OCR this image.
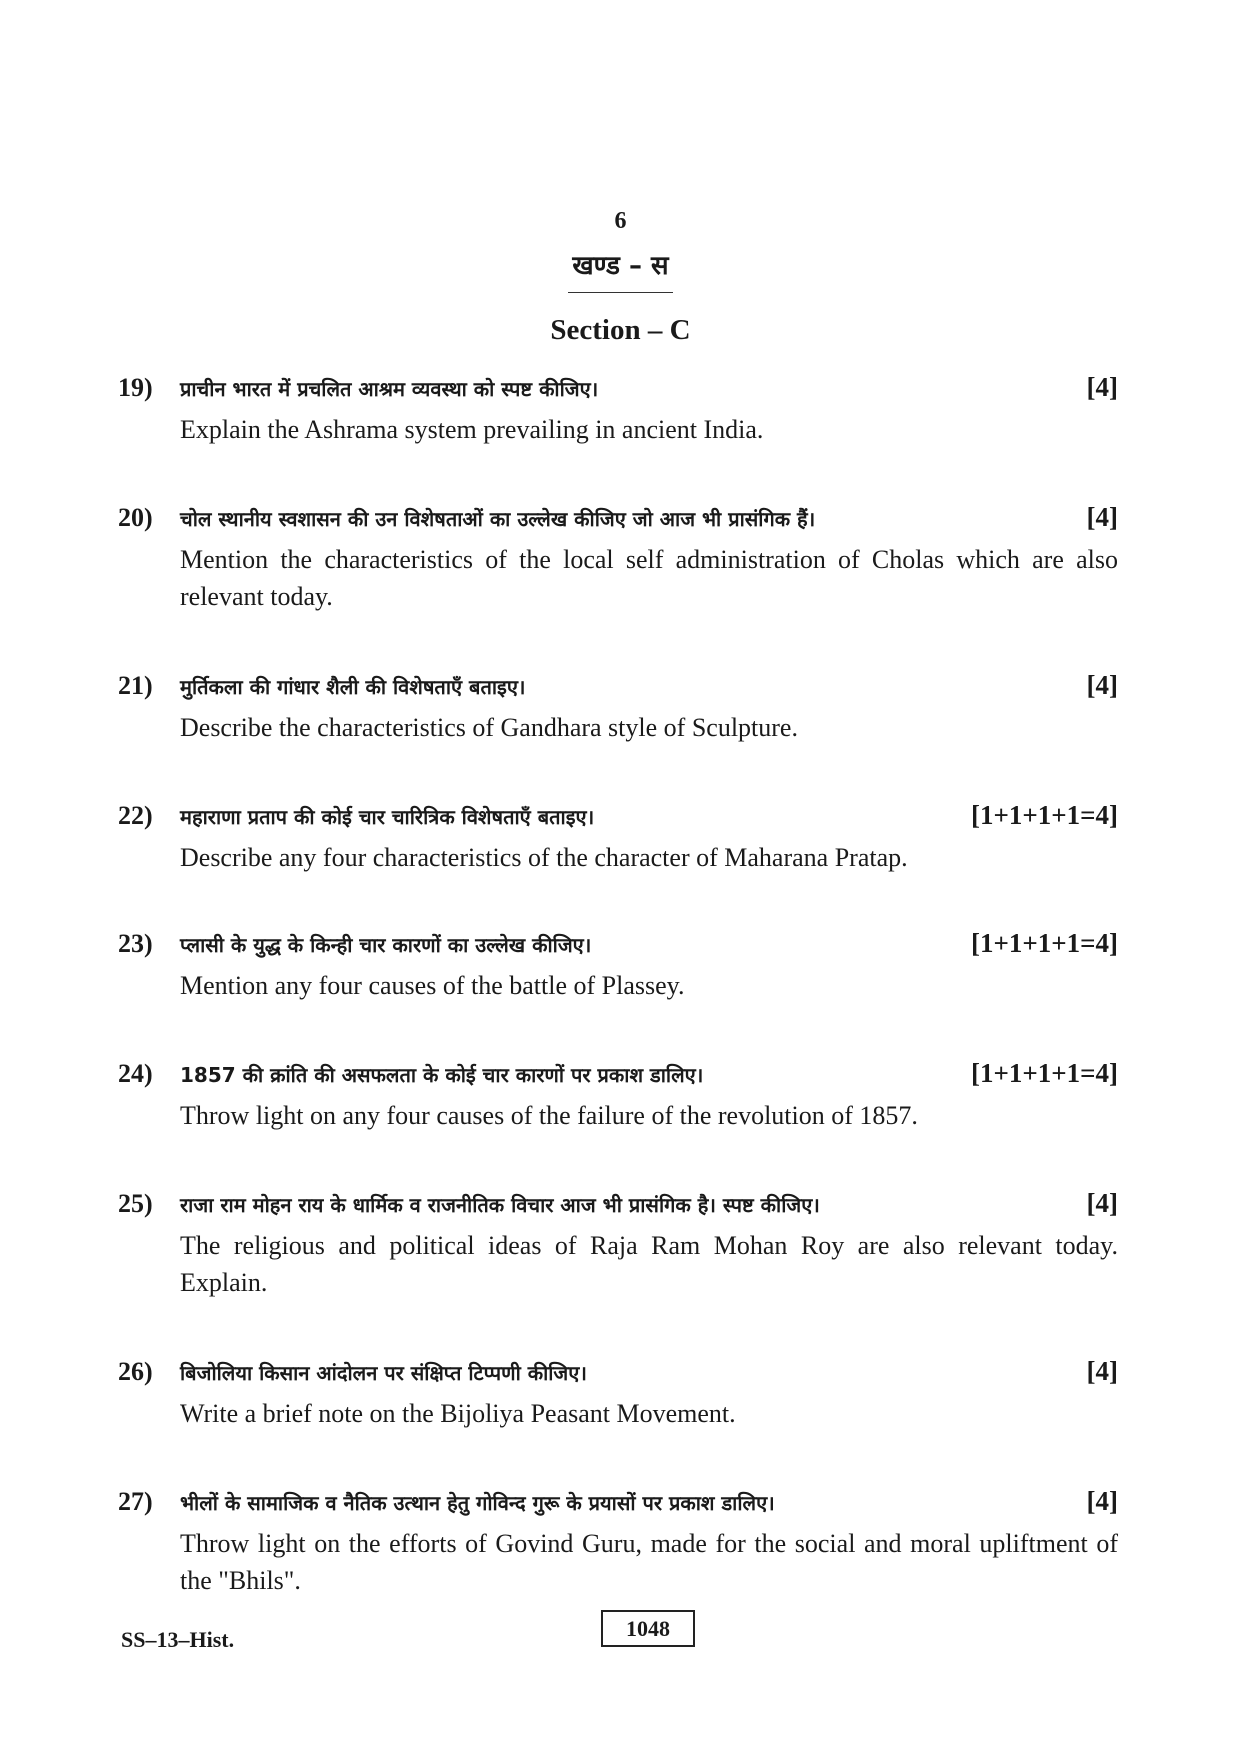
6
खण्ड – स
Section – C
19)	प्राचीन भारत में प्रचलित आश्रम व्यवस्था को स्पष्ट कीजिए।	[4]
Explain the Ashrama system prevailing in ancient India.
20)	चोल स्थानीय स्वशासन की उन विशेषताओं का उल्लेख कीजिए जो आज भी प्रासंगिक हैं।	[4]
Mention the characteristics of the local self administration of Cholas which are also relevant today.
21)	मुर्तिकला की गांधार शैली की विशेषताएँ बताइए।	[4]
Describe the characteristics of Gandhara style of Sculpture.
22)	महाराणा प्रताप की कोई चार चारित्रिक विशेषताएँ बताइए।	[1+1+1+1=4]
Describe any four characteristics of the character of Maharana Pratap.
23)	प्लासी के युद्ध के किन्ही चार कारणों का उल्लेख कीजिए।	[1+1+1+1=4]
Mention any four causes of the battle of Plassey.
24)	1857 की क्रांति की असफलता के कोई चार कारणों पर प्रकाश डालिए।	[1+1+1+1=4]
Throw light on any four causes of the failure of the revolution of 1857.
25)	राजा राम मोहन राय के धार्मिक व राजनीतिक विचार आज भी प्रासंगिक है। स्पष्ट कीजिए।	[4]
The religious and political ideas of Raja Ram Mohan Roy are also relevant today. Explain.
26)	बिजोलिया किसान आंदोलन पर संक्षिप्त टिप्पणी कीजिए।	[4]
Write a brief note on the Bijoliya Peasant Movement.
27)	भीलों के सामाजिक व नैतिक उत्थान हेतु गोविन्द गुरू के प्रयासों पर प्रकाश डालिए।	[4]
Throw light on the efforts of Govind Guru, made for the social and moral upliftment of the "Bhils".
SS–13–Hist.	1048
